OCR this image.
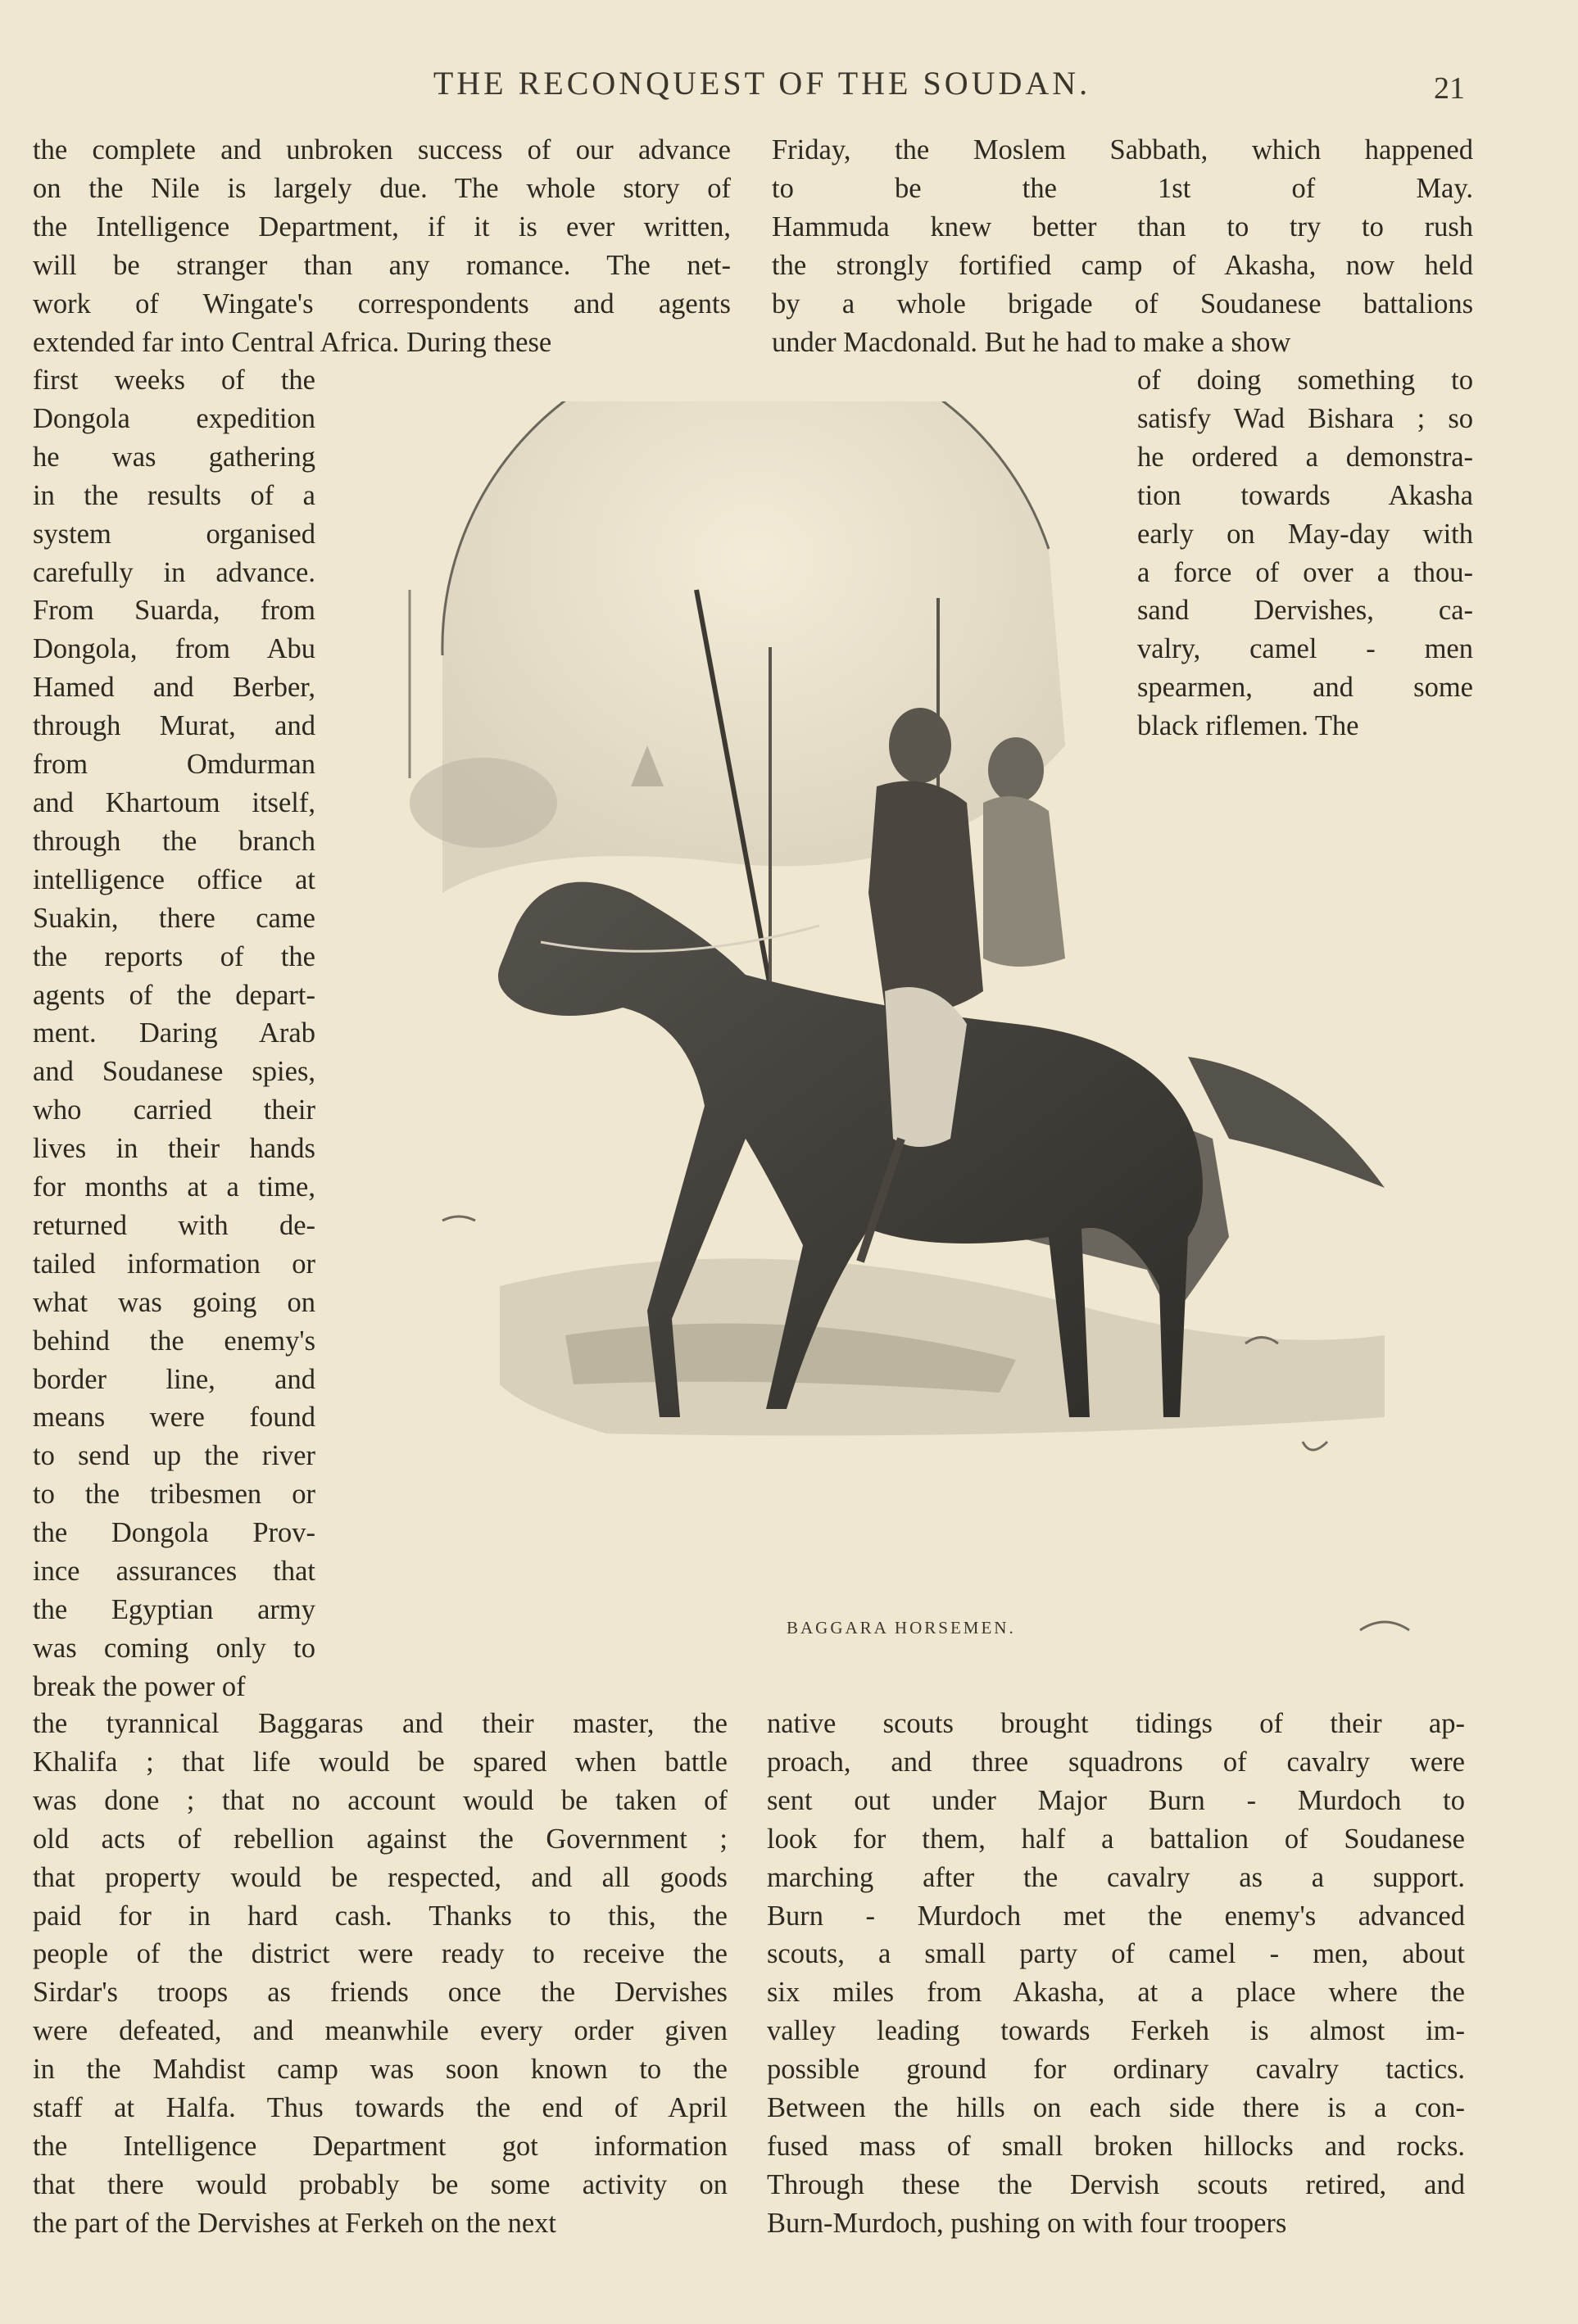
THE RECONQUEST OF THE SOUDAN.	21
the complete and unbroken success of our advance
on the Nile is largely due. The whole story of
the Intelligence Department, if it is ever written,
will be stranger than any romance. The net-
work of Wingate's correspondents and agents
extended far into Central Africa. During these
Friday, the Moslem Sabbath, which happened
to be the 1st of May.
Hammuda knew better than to try to rush
the strongly fortified camp of Akasha, now held
by a whole brigade of Soudanese battalions
under Macdonald. But he had to make a show
first weeks of the
Dongola expedition
he was gathering
in the results of a
system organised
carefully in advance.
From Suarda, from
Dongola, from Abu
Hamed and Berber,
through Murat, and
from Omdurman
and Khartoum itself,
through the branch
intelligence office at
Suakin, there came
the reports of the
agents of the depart-
ment. Daring Arab
and Soudanese spies,
who carried their
lives in their hands
for months at a time,
returned with de-
tailed information or
what was going on
behind the enemy's
border line, and
means were found
to send up the river
to the tribesmen or
the Dongola Prov-
ince assurances that
the Egyptian army
was coming only to
break the power of
of doing something to
satisfy Wad Bishara ; so
he ordered a demonstra-
tion towards Akasha
early on May-day with
a force of over a thou-
sand Dervishes, ca-
valry, camel - men
spearmen, and some
black riflemen. The
the tyrannical Baggaras and their master, the
Khalifa ; that life would be spared when battle
was done ; that no account would be taken of
old acts of rebellion against the Government ;
that property would be respected, and all goods
paid for in hard cash. Thanks to this, the
people of the district were ready to receive the
Sirdar's troops as friends once the Dervishes
were defeated, and meanwhile every order given
in the Mahdist camp was soon known to the
staff at Halfa. Thus towards the end of April
the Intelligence Department got information
that there would probably be some activity on
the part of the Dervishes at Ferkeh on the next
native scouts brought tidings of their ap-
proach, and three squadrons of cavalry were
sent out under Major Burn - Murdoch to
look for them, half a battalion of Soudanese
marching after the cavalry as a support.
Burn - Murdoch met the enemy's advanced
scouts, a small party of camel - men, about
six miles from Akasha, at a place where the
valley leading towards Ferkeh is almost im-
possible ground for ordinary cavalry tactics.
Between the hills on each side there is a con-
fused mass of small broken hillocks and rocks.
Through these the Dervish scouts retired, and
Burn-Murdoch, pushing on with four troopers
BAGGARA HORSEMEN.
